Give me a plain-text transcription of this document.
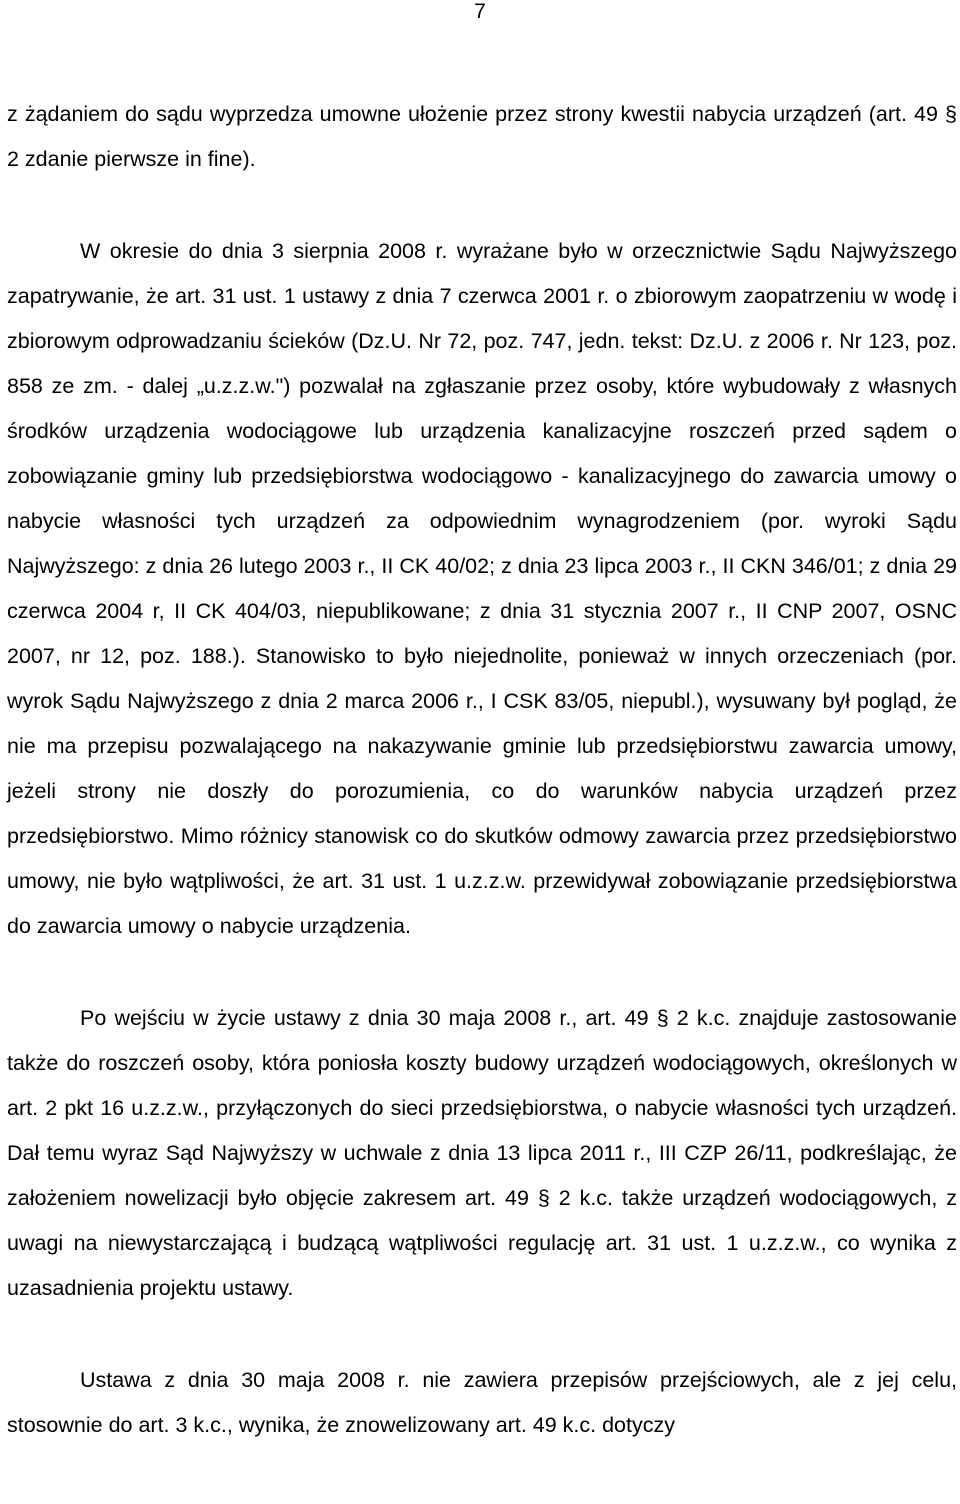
7

z żądaniem do sądu wyprzedza umowne ułożenie przez strony kwestii nabycia urządzeń (art. 49 § 2 zdanie pierwsze in fine).

W okresie do dnia 3 sierpnia 2008 r. wyrażane było w orzecznictwie Sądu Najwyższego zapatrywanie, że art. 31 ust. 1 ustawy z dnia 7 czerwca 2001 r. o zbiorowym zaopatrzeniu w wodę i zbiorowym odprowadzaniu ścieków (Dz.U. Nr 72, poz. 747, jedn. tekst: Dz.U. z 2006 r. Nr 123, poz. 858 ze zm. - dalej „u.z.z.w.") pozwalał na zgłaszanie przez osoby, które wybudowały z własnych środków urządzenia wodociągowe lub urządzenia kanalizacyjne roszczeń przed sądem o zobowiązanie gminy lub przedsiębiorstwa wodociągowo - kanalizacyjnego do zawarcia umowy o nabycie własności tych urządzeń za odpowiednim wynagrodzeniem (por. wyroki Sądu Najwyższego: z dnia 26 lutego 2003 r., II CK 40/02; z dnia 23 lipca 2003 r., II CKN 346/01; z dnia 29 czerwca 2004 r, II CK 404/03, niepublikowane; z dnia 31 stycznia 2007 r., II CNP 2007, OSNC 2007, nr 12, poz. 188.). Stanowisko to było niejednolite, ponieważ w innych orzeczeniach (por. wyrok Sądu Najwyższego z dnia 2 marca 2006 r., I CSK 83/05, niepubl.), wysuwany był pogląd, że nie ma przepisu pozwalającego na nakazywanie gminie lub przedsiębiorstwu zawarcia umowy, jeżeli strony nie doszły do porozumienia, co do warunków nabycia urządzeń przez przedsiębiorstwo. Mimo różnicy stanowisk co do skutków odmowy zawarcia przez przedsiębiorstwo umowy, nie było wątpliwości, że art. 31 ust. 1 u.z.z.w. przewidywał zobowiązanie przedsiębiorstwa do zawarcia umowy o nabycie urządzenia.

Po wejściu w życie ustawy z dnia 30 maja 2008 r., art. 49 § 2 k.c. znajduje zastosowanie także do roszczeń osoby, która poniosła koszty budowy urządzeń wodociągowych, określonych w art. 2 pkt 16 u.z.z.w., przyłączonych do sieci przedsiębiorstwa, o nabycie własności tych urządzeń. Dał temu wyraz Sąd Najwyższy w uchwale z dnia 13 lipca 2011 r., III CZP 26/11, podkreślając, że założeniem nowelizacji było objęcie zakresem art. 49 § 2 k.c. także urządzeń wodociągowych, z uwagi na niewystarczającą i budzącą wątpliwości regulację art. 31 ust. 1 u.z.z.w., co wynika z uzasadnienia projektu ustawy.

Ustawa z dnia 30 maja 2008 r. nie zawiera przepisów przejściowych, ale z jej celu, stosownie do art. 3 k.c., wynika, że znowelizowany art. 49 k.c. dotyczy
